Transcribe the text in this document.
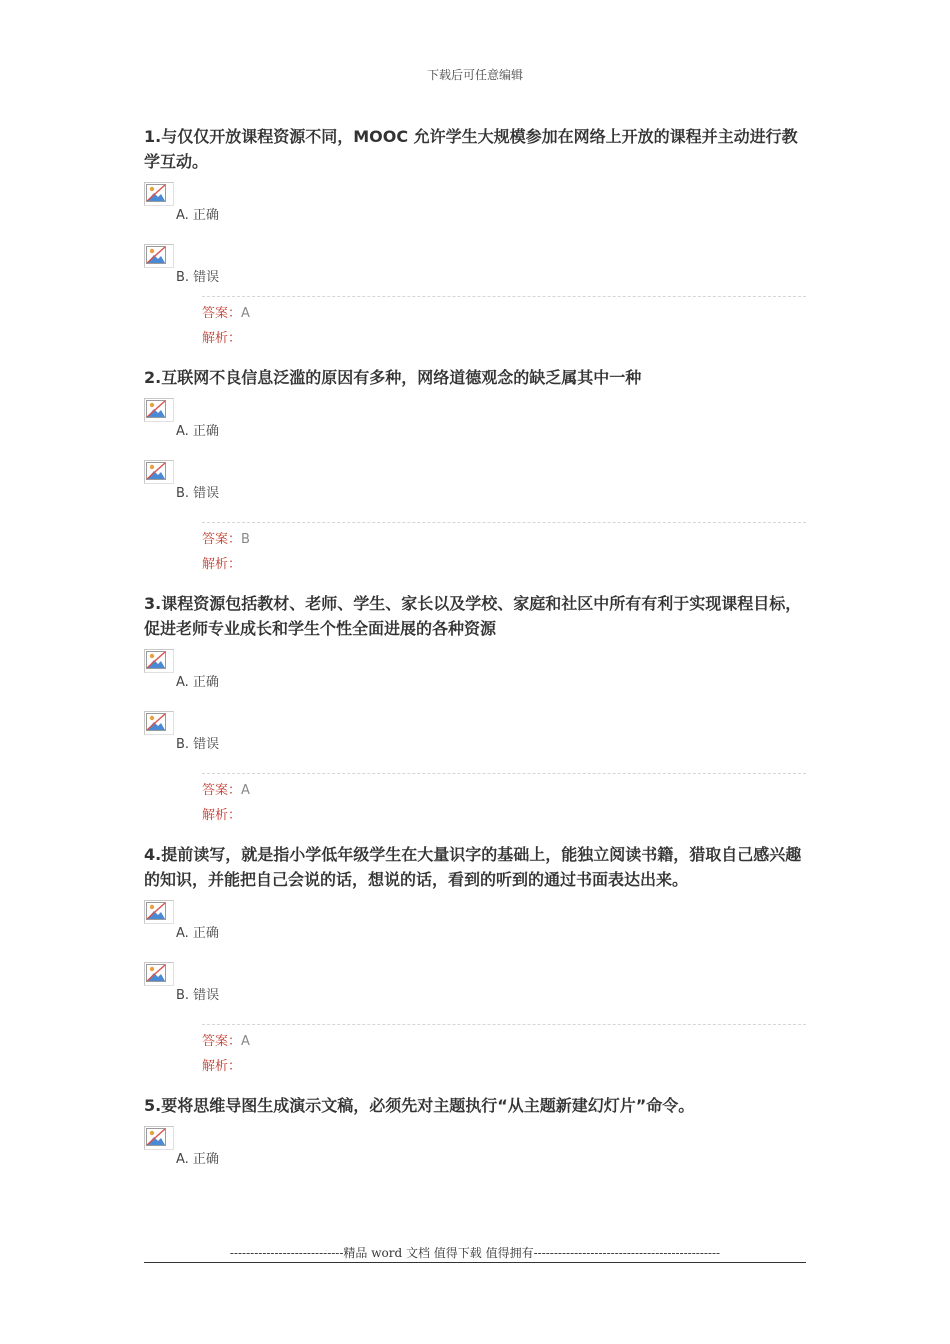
下载后可任意编辑

1.与仅仅开放课程资源不同，MOOC 允许学生大规模参加在网络上开放的课程并主动进行教学互动。

A. 正确
B. 错误
答案：A
解析：

2.互联网不良信息泛滥的原因有多种，网络道德观念的缺乏属其中一种

A. 正确
B. 错误
答案：B
解析：

3.课程资源包括教材、老师、学生、家长以及学校、家庭和社区中所有有利于实现课程目标，促进老师专业成长和学生个性全面进展的各种资源

A. 正确
B. 错误
答案：A
解析：

4.提前读写，就是指小学低年级学生在大量识字的基础上，能独立阅读书籍，猎取自己感兴趣的知识，并能把自己会说的话，想说的话，看到的听到的通过书面表达出来。

A. 正确
B. 错误
答案：A
解析：

5.要将思维导图生成演示文稿，必须先对主题执行“从主题新建幻灯片”命令。

A. 正确
----------------------------精品 word 文档 值得下载 值得拥有----------------------------------------------
